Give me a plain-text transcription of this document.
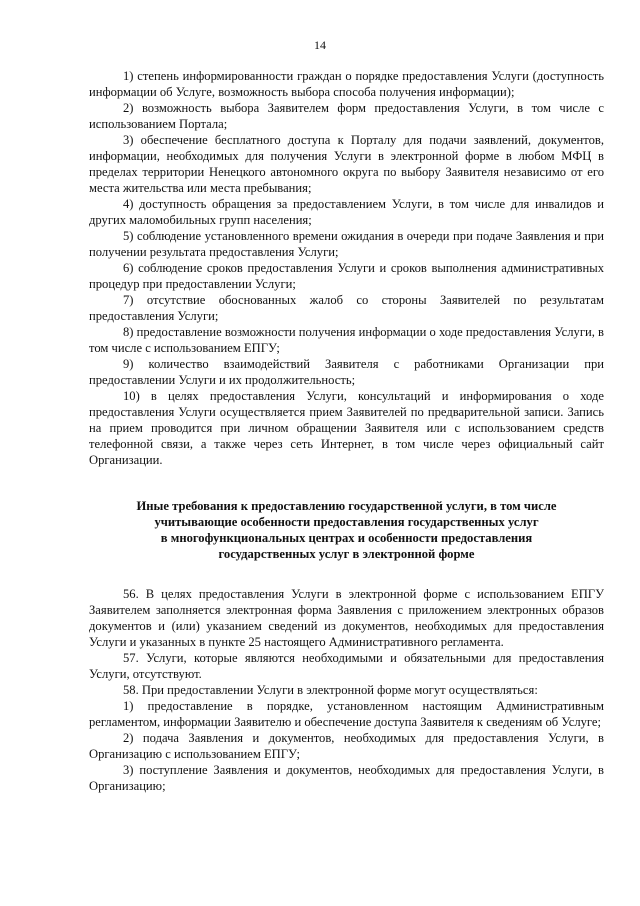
14

1) степень информированности граждан о порядке предоставления Услуги (доступность информации об Услуге, возможность выбора способа получения информации);

2) возможность выбора Заявителем форм предоставления Услуги, в том числе с использованием Портала;

3) обеспечение бесплатного доступа к Порталу для подачи заявлений, документов, информации, необходимых для получения Услуги в электронной форме в любом МФЦ в пределах территории Ненецкого автономного округа по выбору Заявителя независимо от его места жительства или места пребывания;

4) доступность обращения за предоставлением Услуги, в том числе для инвалидов и других маломобильных групп населения;

5) соблюдение установленного времени ожидания в очереди при подаче Заявления и при получении результата предоставления Услуги;

6) соблюдение сроков предоставления Услуги и сроков выполнения административных процедур при предоставлении Услуги;

7) отсутствие обоснованных жалоб со стороны Заявителей по результатам предоставления Услуги;

8) предоставление возможности получения информации о ходе предоставления Услуги, в том числе с использованием ЕПГУ;

9) количество взаимодействий Заявителя с работниками Организации при предоставлении Услуги и их продолжительность;

10) в целях предоставления Услуги, консультаций и информирования о ходе предоставления Услуги осуществляется прием Заявителей по предварительной записи. Запись на прием проводится при личном обращении Заявителя или с использованием средств телефонной связи, а также через сеть Интернет, в том числе через официальный сайт Организации.

Иные требования к предоставлению государственной услуги, в том числе
учитывающие особенности предоставления государственных услуг
в многофункциональных центрах и особенности предоставления
государственных услуг в электронной форме

56. В целях предоставления Услуги в электронной форме с использованием ЕПГУ Заявителем заполняется электронная форма Заявления с приложением электронных образов документов и (или) указанием сведений из документов, необходимых для предоставления Услуги и указанных в пункте 25 настоящего Административного регламента.

57. Услуги, которые являются необходимыми и обязательными для предоставления Услуги, отсутствуют.

58. При предоставлении Услуги в электронной форме могут осуществляться:

1) предоставление в порядке, установленном настоящим Административным регламентом, информации Заявителю и обеспечение доступа Заявителя к сведениям об Услуге;

2) подача Заявления и документов, необходимых для предоставления Услуги, в Организацию с использованием ЕПГУ;

3) поступление Заявления и документов, необходимых для предоставления Услуги, в Организацию;
